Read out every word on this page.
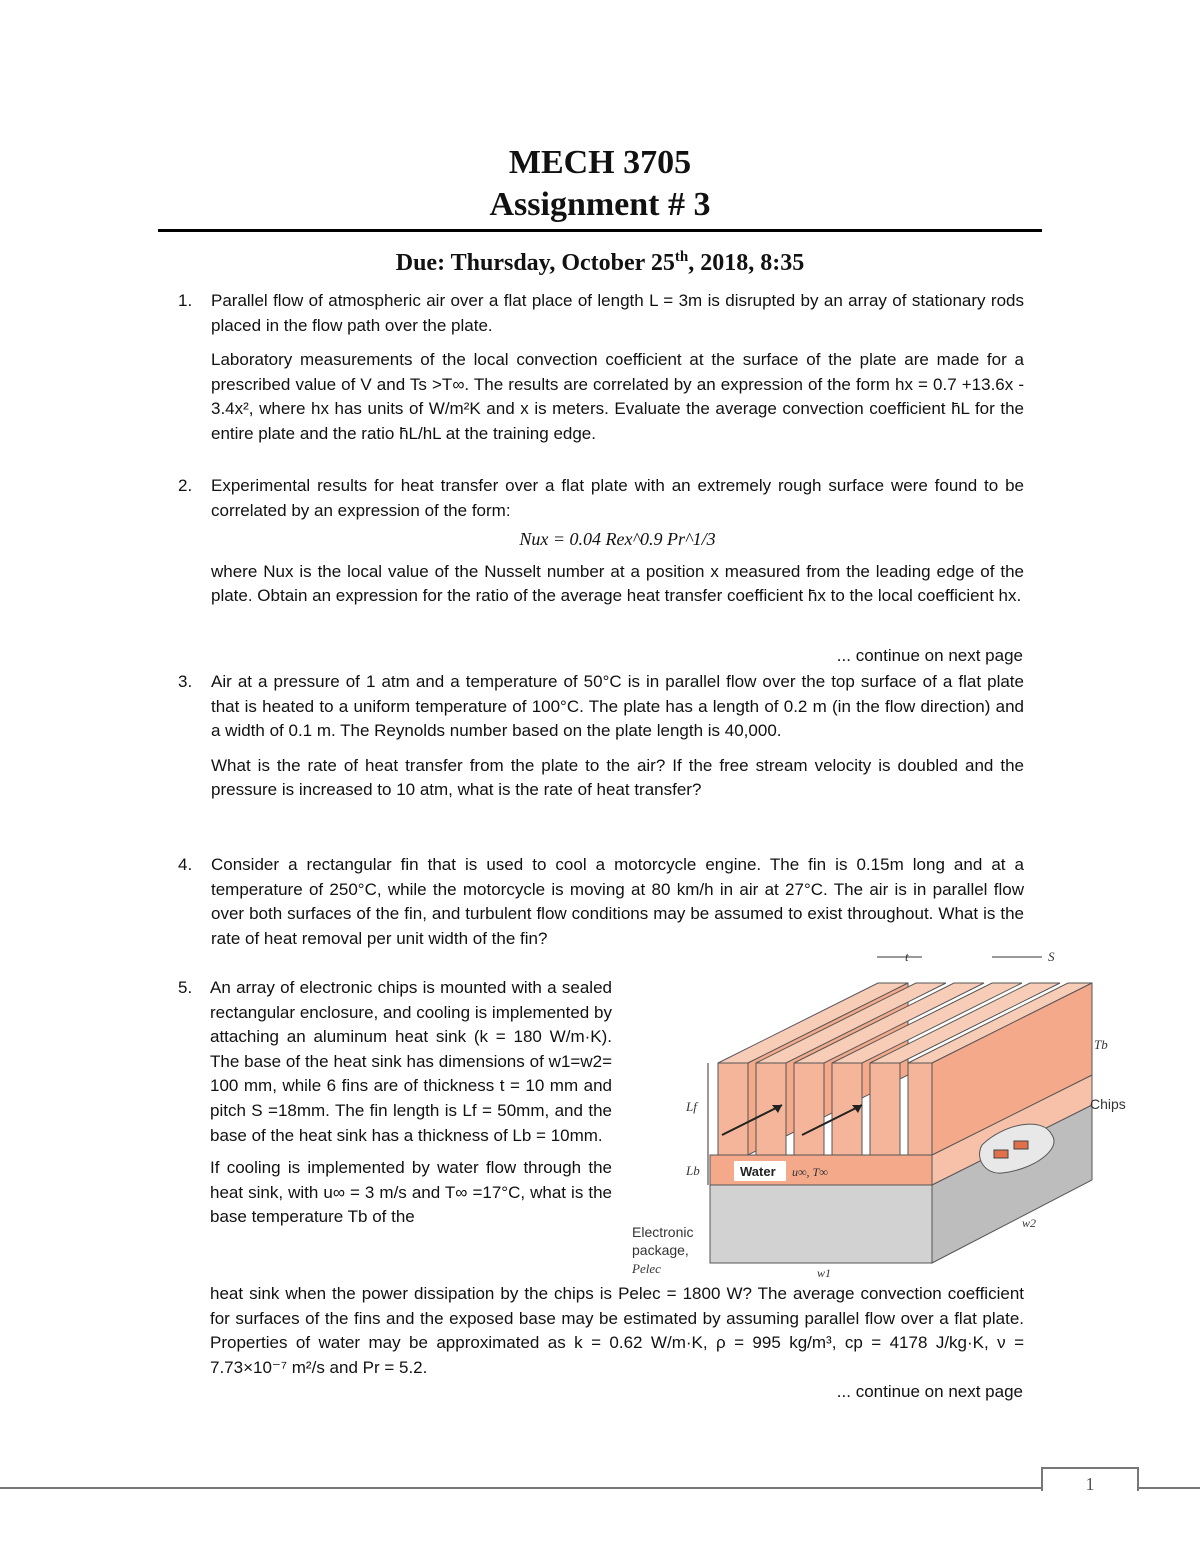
MECH 3705
Assignment # 3
Due: Thursday, October 25th, 2018, 8:35
1. Parallel flow of atmospheric air over a flat place of length L = 3m is disrupted by an array of stationary rods placed in the flow path over the plate.

Laboratory measurements of the local convection coefficient at the surface of the plate are made for a prescribed value of V and Ts >T∞. The results are correlated by an expression of the form hx = 0.7 +13.6x - 3.4x², where hx has units of W/m²K and x is meters. Evaluate the average convection coefficient h̄L for the entire plate and the ratio h̄L/hL at the training edge.

2. Experimental results for heat transfer over a flat plate with an extremely rough surface were found to be correlated by an expression of the form:

Nux = 0.04 Rex^0.9 Pr^1/3

where Nux is the local value of the Nusselt number at a position x measured from the leading edge of the plate. Obtain an expression for the ratio of the average heat transfer coefficient h̄x to the local coefficient hx.

... continue on next page
3. Air at a pressure of 1 atm and a temperature of 50°C is in parallel flow over the top surface of a flat plate that is heated to a uniform temperature of 100°C. The plate has a length of 0.2 m (in the flow direction) and a width of 0.1 m. The Reynolds number based on the plate length is 40,000.

What is the rate of heat transfer from the plate to the air? If the free stream velocity is doubled and the pressure is increased to 10 atm, what is the rate of heat transfer?

4. Consider a rectangular fin that is used to cool a motorcycle engine. The fin is 0.15m long and at a temperature of 250°C, while the motorcycle is moving at 80 km/h in air at 27°C. The air is in parallel flow over both surfaces of the fin, and turbulent flow conditions may be assumed to exist throughout. What is the rate of heat removal per unit width of the fin?

5. An array of electronic chips is mounted with a sealed rectangular enclosure, and cooling is implemented by attaching an aluminum heat sink (k = 180 W/m·K). The base of the heat sink has dimensions of w1=w2= 100 mm, while 6 fins are of thickness t = 10 mm and pitch S =18mm. The fin length is Lf = 50mm, and the base of the heat sink has a thickness of Lb = 10mm.

If cooling is implemented by water flow through the heat sink, with u∞ = 3 m/s and T∞ =17°C, what is the base temperature Tb of the

heat sink when the power dissipation by the chips is Pelec = 1800 W? The average convection coefficient for surfaces of the fins and the exposed base may be estimated by assuming parallel flow over a flat plate. Properties of water may be approximated as k = 0.62 W/m·K, ρ = 995 kg/m³, cp = 4178 J/kg·K, ν = 7.73×10⁻⁷ m²/s and Pr = 5.2.
t	S
Tb
Chips
Lf
Lb	Water u∞, T∞
Electronic
package,
Pelec	w1
w2
... continue on next page
1
